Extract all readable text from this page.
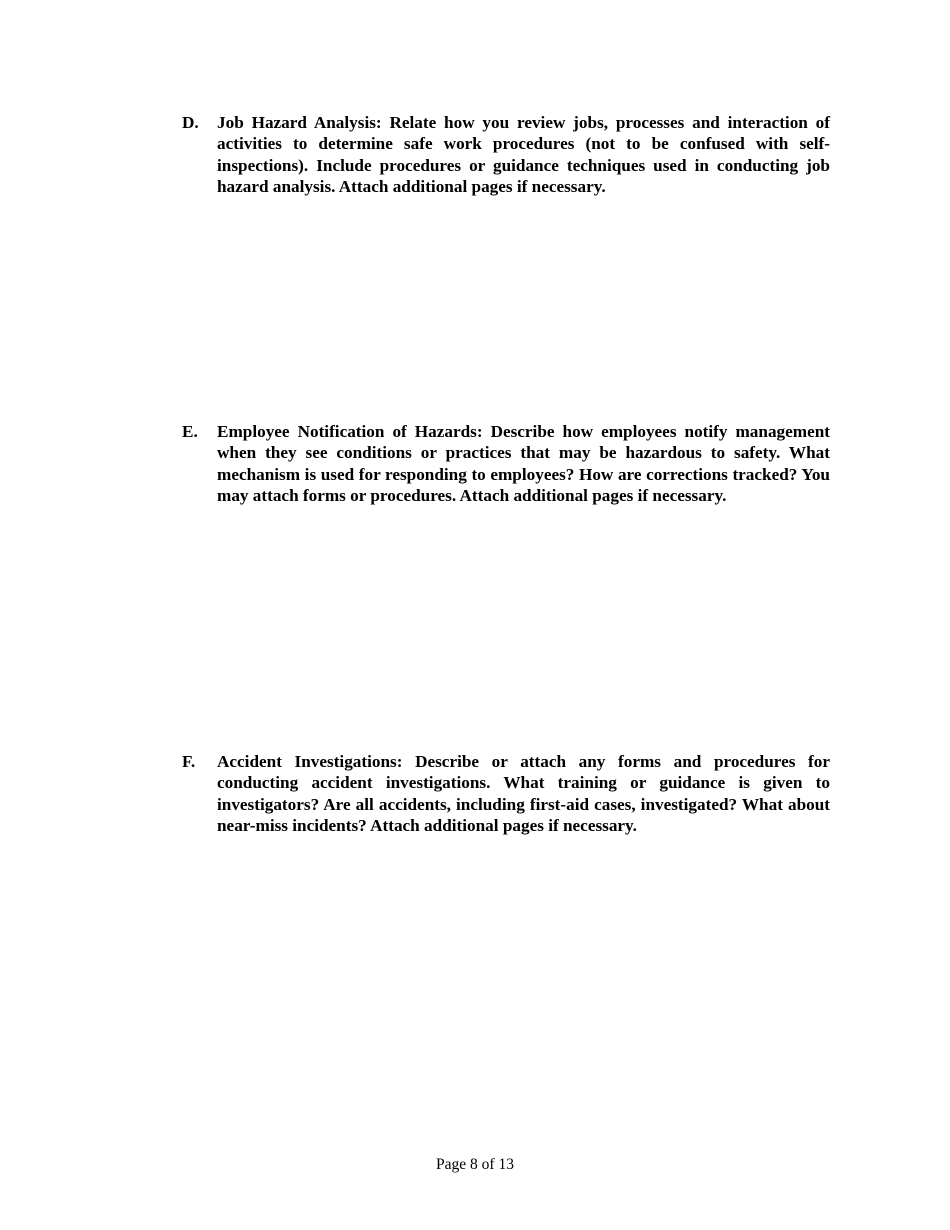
D. Job Hazard Analysis: Relate how you review jobs, processes and interaction of activities to determine safe work procedures (not to be confused with self-inspections). Include procedures or guidance techniques used in conducting job hazard analysis. Attach additional pages if necessary.
E. Employee Notification of Hazards: Describe how employees notify management when they see conditions or practices that may be hazardous to safety. What mechanism is used for responding to employees? How are corrections tracked? You may attach forms or procedures. Attach additional pages if necessary.
F. Accident Investigations: Describe or attach any forms and procedures for conducting accident investigations. What training or guidance is given to investigators? Are all accidents, including first-aid cases, investigated? What about near-miss incidents? Attach additional pages if necessary.
Page 8 of 13
